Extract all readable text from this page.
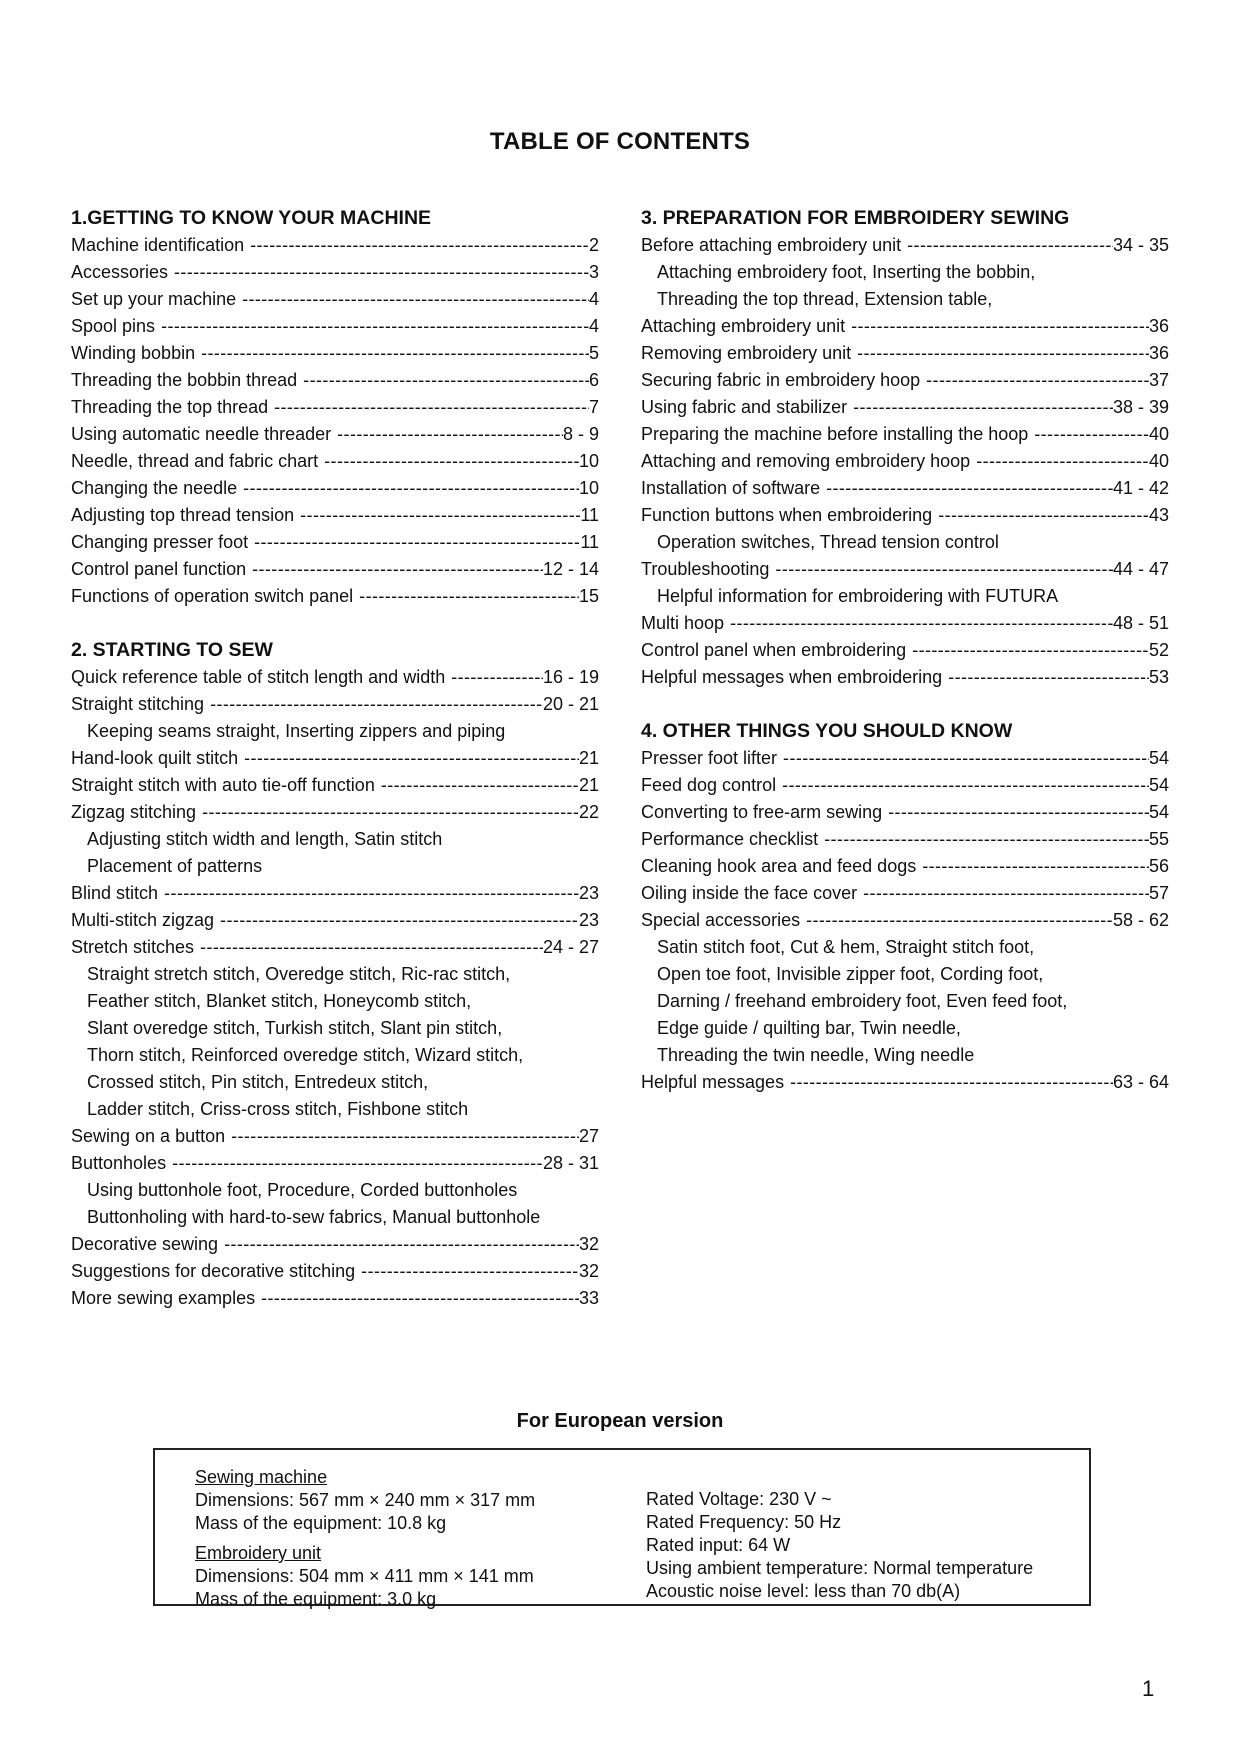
TABLE OF CONTENTS
1.GETTING TO KNOW YOUR MACHINE
Machine identification -----	2
Accessories -----	3
Set up your machine -----	4
Spool pins -----	4
Winding bobbin -----	5
Threading the bobbin thread -----	6
Threading the top thread -----	7
Using automatic needle threader -----	8 - 9
Needle, thread and fabric chart -----	10
Changing the needle -----	10
Adjusting top thread tension -----	11
Changing presser foot -----	11
Control panel function -----	12 - 14
Functions of operation switch panel -----	15
2. STARTING TO SEW
Quick reference table of stitch length and width -----	16 - 19
Straight stitching -----	20 - 21
Keeping seams straight, Inserting zippers and piping
Hand-look quilt stitch -----	21
Straight stitch with auto tie-off function -----	21
Zigzag stitching -----	22
Adjusting stitch width and length, Satin stitch
Placement of patterns
Blind stitch -----	23
Multi-stitch zigzag -----	23
Stretch stitches -----	24 - 27
Straight stretch stitch, Overedge stitch, Ric-rac stitch,
Feather stitch, Blanket stitch, Honeycomb stitch,
Slant overedge stitch, Turkish stitch, Slant pin stitch,
Thorn stitch, Reinforced overedge stitch, Wizard stitch,
Crossed stitch, Pin stitch, Entredeux stitch,
Ladder stitch, Criss-cross stitch, Fishbone stitch
Sewing on a button -----	27
Buttonholes -----	28 - 31
Using buttonhole foot, Procedure, Corded buttonholes
Buttonholing with hard-to-sew fabrics, Manual buttonhole
Decorative sewing -----	32
Suggestions for decorative stitching -----	32
More sewing examples -----	33
3. PREPARATION FOR EMBROIDERY SEWING
Before attaching embroidery unit -----	34 - 35
Attaching embroidery foot, Inserting the bobbin,
Threading the top thread, Extension table,
Attaching embroidery unit -----	36
Removing embroidery unit -----	36
Securing fabric in embroidery hoop -----	37
Using fabric and stabilizer -----	38 - 39
Preparing the machine before installing the hoop -----	40
Attaching and removing embroidery hoop -----	40
Installation of software -----	41 - 42
Function buttons when embroidering -----	43
Operation switches, Thread tension control
Troubleshooting -----	44 - 47
Helpful information for embroidering with FUTURA
Multi hoop -----	48 - 51
Control panel when embroidering -----	52
Helpful messages when embroidering -----	53
4. OTHER THINGS YOU SHOULD KNOW
Presser foot lifter -----	54
Feed dog control -----	54
Converting to free-arm sewing -----	54
Performance checklist -----	55
Cleaning hook area and feed dogs -----	56
Oiling inside the face cover -----	57
Special accessories -----	58 - 62
Satin stitch foot, Cut & hem, Straight stitch foot,
Open toe foot, Invisible zipper foot, Cording foot,
Darning / freehand embroidery foot, Even feed foot,
Edge guide / quilting bar, Twin needle,
Threading the twin needle, Wing needle
Helpful messages -----	63 - 64
For European version
Sewing machine
Dimensions: 567 mm × 240 mm × 317 mm
Mass of the equipment: 10.8 kg
Embroidery unit
Dimensions: 504 mm × 411 mm × 141 mm
Mass of the equipment: 3.0 kg
Rated Voltage: 230 V ~
Rated Frequency: 50 Hz
Rated input: 64 W
Using ambient temperature: Normal temperature
Acoustic noise level: less than 70 db(A)
1
